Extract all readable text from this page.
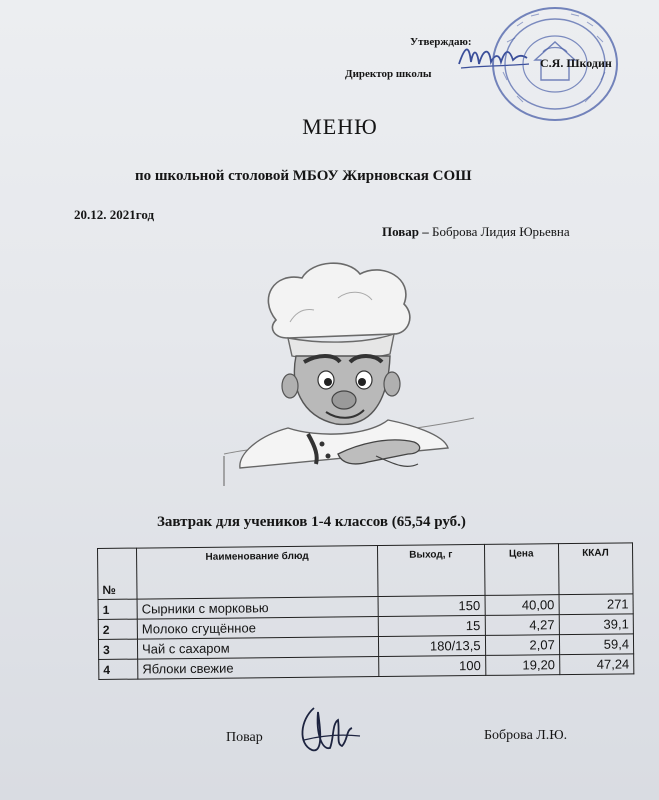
Утверждаю:
Директор школы
С.Я. Шкодин
МЕНЮ
по школьной столовой МБОУ Жирновская СОШ
20.12. 2021год
Повар – Боброва Лидия Юрьевна
Завтрак для учеников 1-4 классов (65,54 руб.)
№	Наименование блюд	Выход, г	Цена	ККАЛ
1	Сырники с морковью	150	40,00	271
2	Молоко сгущённое	15	4,27	39,1
3	Чай с сахаром	180/13,5	2,07	59,4
4	Яблоки свежие	100	19,20	47,24
Повар	Боброва Л.Ю.
